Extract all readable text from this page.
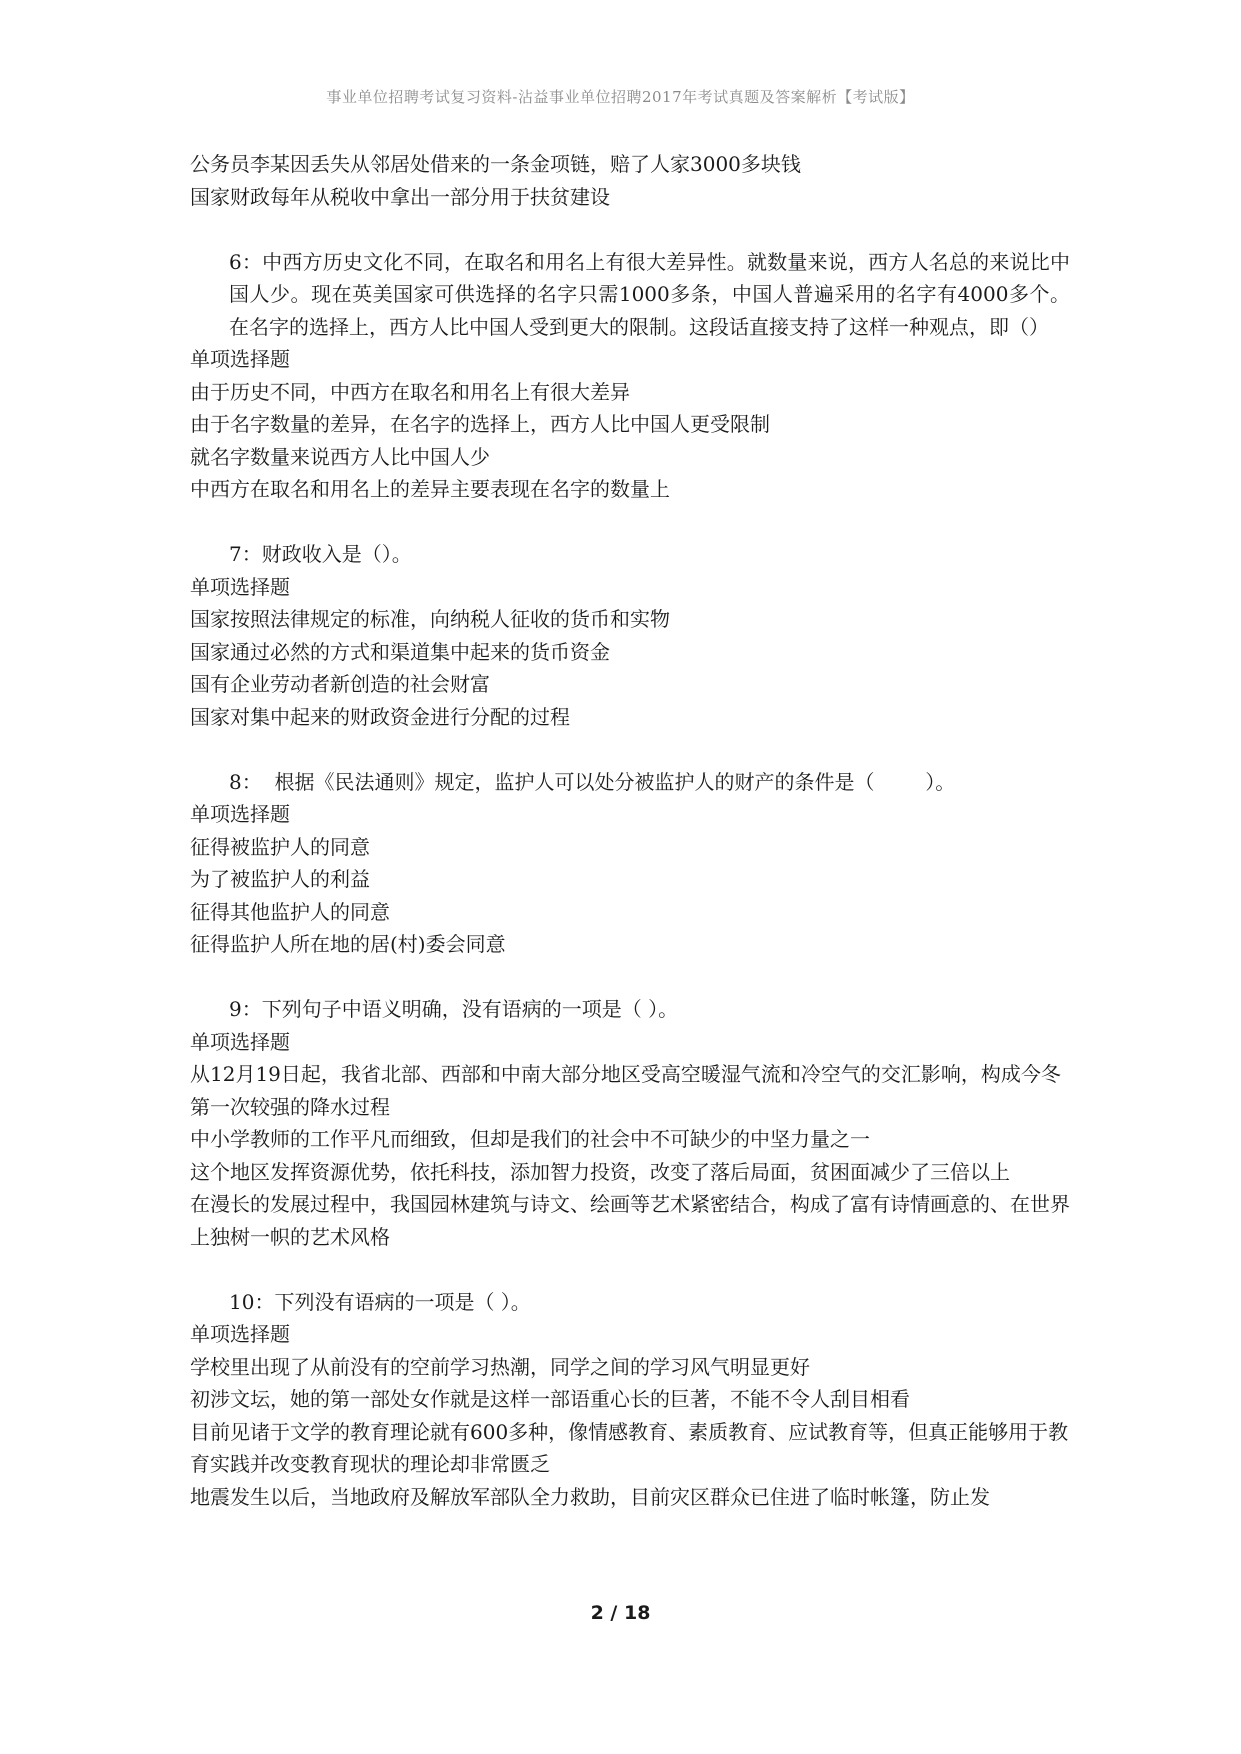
事业单位招聘考试复习资料-沾益事业单位招聘2017年考试真题及答案解析【考试版】
公务员李某因丢失从邻居处借来的一条金项链，赔了人家3000多块钱
国家财政每年从税收中拿出一部分用于扶贫建设
6：中西方历史文化不同，在取名和用名上有很大差异性。就数量来说，西方人名总的来说比中国人少。现在英美国家可供选择的名字只需1000多条，中国人普遍采用的名字有4000多个。在名字的选择上，西方人比中国人受到更大的限制。这段话直接支持了这样一种观点，即（）
单项选择题
由于历史不同，中西方在取名和用名上有很大差异
由于名字数量的差异，在名字的选择上，西方人比中国人更受限制
就名字数量来说西方人比中国人少
中西方在取名和用名上的差异主要表现在名字的数量上
7：财政收入是（）。
单项选择题
国家按照法律规定的标准，向纳税人征收的货币和实物
国家通过必然的方式和渠道集中起来的货币资金
国有企业劳动者新创造的社会财富
国家对集中起来的财政资金进行分配的过程
8：  根据《民法通则》规定，监护人可以处分被监护人的财产的条件是（        ）。
单项选择题
征得被监护人的同意
为了被监护人的利益
征得其他监护人的同意
征得监护人所在地的居(村)委会同意
9：下列句子中语义明确，没有语病的一项是（ ）。
单项选择题
从12月19日起，我省北部、西部和中南大部分地区受高空暖湿气流和冷空气的交汇影响，构成今冬第一次较强的降水过程
中小学教师的工作平凡而细致，但却是我们的社会中不可缺少的中坚力量之一
这个地区发挥资源优势，依托科技，添加智力投资，改变了落后局面，贫困面减少了三倍以上
在漫长的发展过程中，我国园林建筑与诗文、绘画等艺术紧密结合，构成了富有诗情画意的、在世界上独树一帜的艺术风格
10：下列没有语病的一项是（ ）。
单项选择题
学校里出现了从前没有的空前学习热潮，同学之间的学习风气明显更好
初涉文坛，她的第一部处女作就是这样一部语重心长的巨著，不能不令人刮目相看
目前见诸于文学的教育理论就有600多种，像情感教育、素质教育、应试教育等，但真正能够用于教育实践并改变教育现状的理论却非常匮乏
地震发生以后，当地政府及解放军部队全力救助，目前灾区群众已住进了临时帐篷，防止发
2 / 18
